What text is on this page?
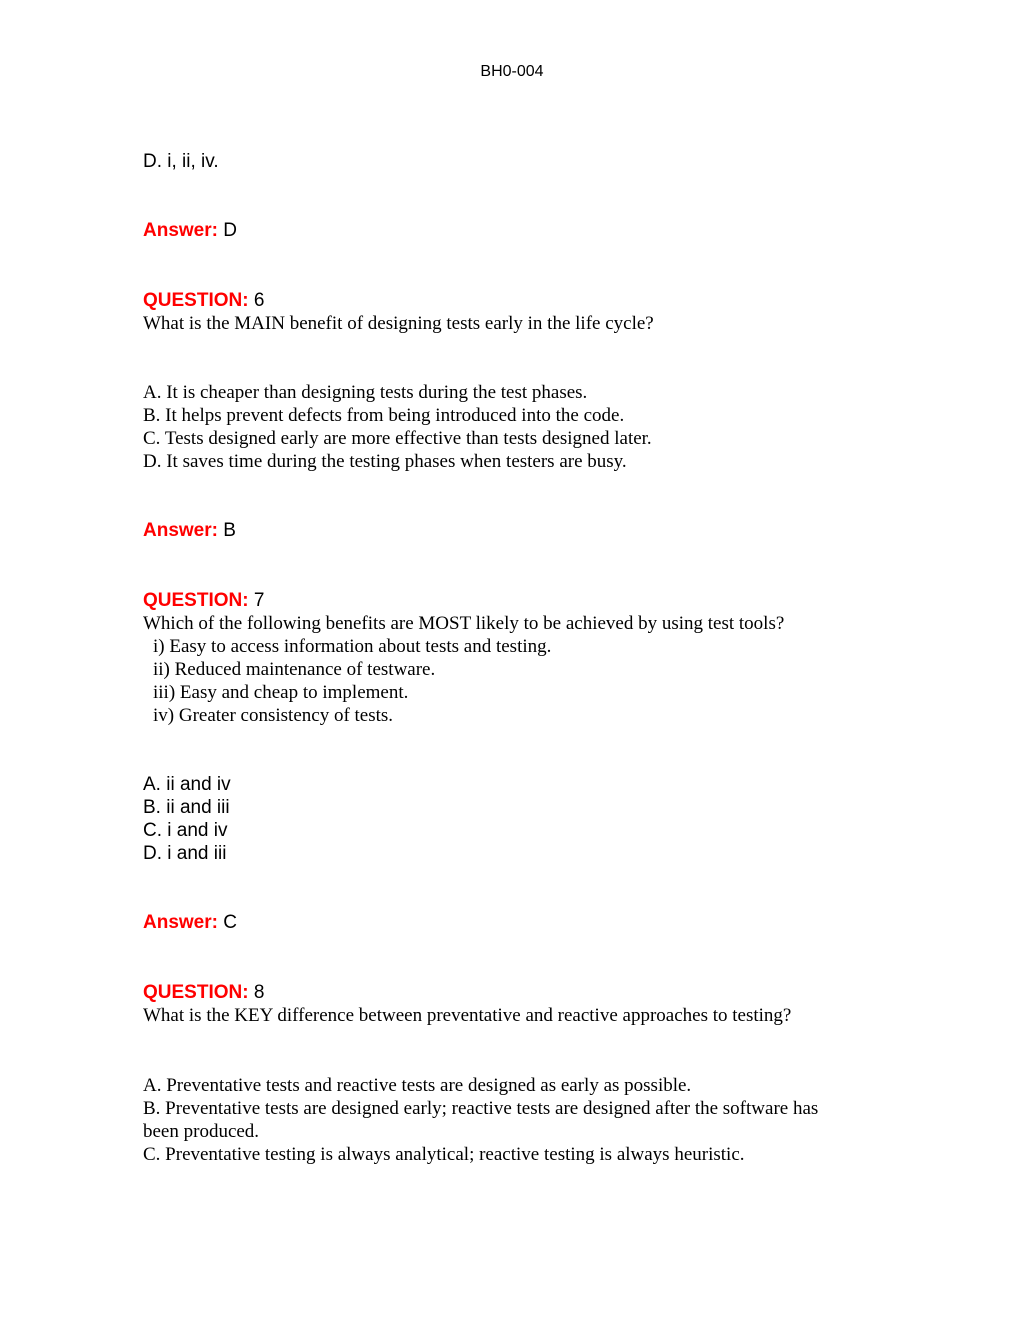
BH0-004
D. i, ii, iv.
Answer: D
QUESTION: 6
What is the MAIN benefit of designing tests early in the life cycle?
A. It is cheaper than designing tests during the test phases.
B. It helps prevent defects from being introduced into the code.
C. Tests designed early are more effective than tests designed later.
D. It saves time during the testing phases when testers are busy.
Answer: B
QUESTION: 7
Which of the following benefits are MOST likely to be achieved by using test tools?
i) Easy to access information about tests and testing.
ii) Reduced maintenance of testware.
iii) Easy and cheap to implement.
iv) Greater consistency of tests.
A. ii and iv
B. ii and iii
C. i and iv
D. i and iii
Answer: C
QUESTION: 8
What is the KEY difference between preventative and reactive approaches to testing?
A. Preventative tests and reactive tests are designed as early as possible.
B. Preventative tests are designed early; reactive tests are designed after the software has
been produced.
C. Preventative testing is always analytical; reactive testing is always heuristic.
